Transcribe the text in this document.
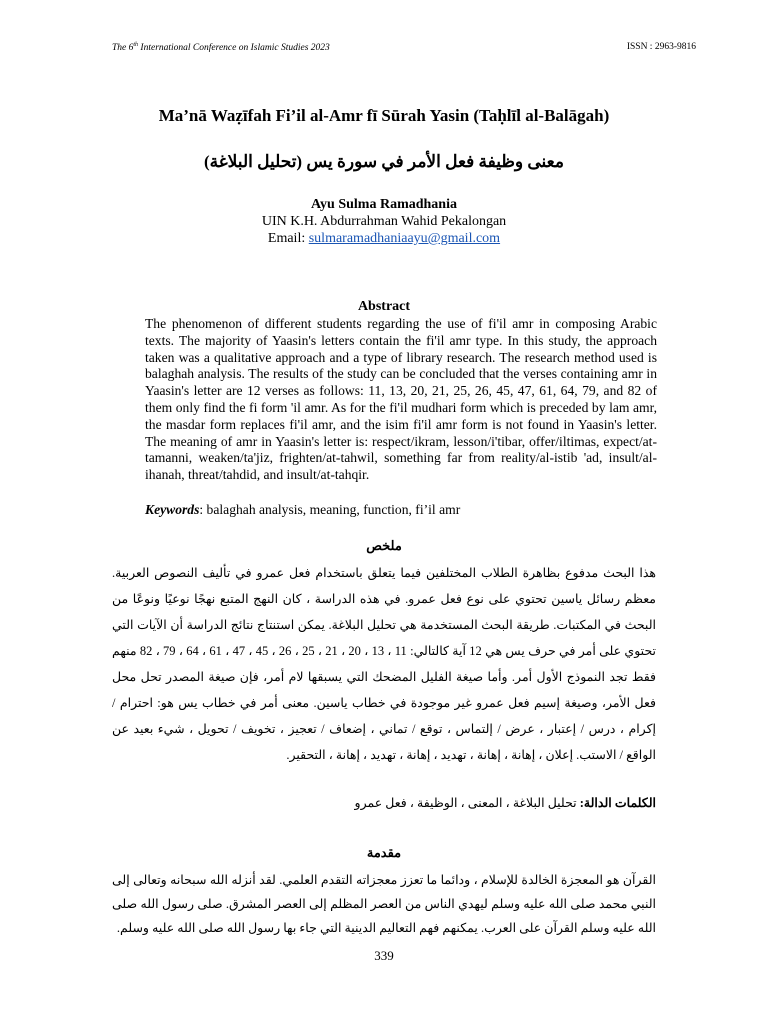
The 6th International Conference on Islamic Studies 2023	ISSN : 2963-9816
Ma’nā Waẓīfah Fi’il al-Amr fī Sūrah Yasin (Taḥlīl al-Balāgah)
معنى وظيفة فعل الأمر في سورة يس (تحليل البلاغة)
Ayu Sulma Ramadhania
UIN K.H. Abdurrahman Wahid Pekalongan
Email: sulmaramadhaniaayu@gmail.com
Abstract
The phenomenon of different students regarding the use of fi'il amr in composing Arabic texts. The majority of Yaasin's letters contain the fi'il amr type. In this study, the approach taken was a qualitative approach and a type of library research. The research method used is balaghah analysis. The results of the study can be concluded that the verses containing amr in Yaasin's letter are 12 verses as follows: 11, 13, 20, 21, 25, 26, 45, 47, 61, 64, 79, and 82 of them only find the fi form 'il amr. As for the fi'il mudhari form which is preceded by lam amr, the masdar form replaces fi'il amr, and the isim fi'il amr form is not found in Yaasin's letter. The meaning of amr in Yaasin's letter is: respect/ikram, lesson/i'tibar, offer/iltimas, expect/at-tamanni, weaken/ta'jiz, frighten/at-tahwil, something far from reality/al-istib 'ad, insult/al-ihanah, threat/tahdid, and insult/at-tahqir.
Keywords: balaghah analysis, meaning, function, fi’il amr
ملخص
هذا البحث مدفوع بظاهرة الطلاب المختلفين فيما يتعلق باستخدام فعل عمرو في تأليف النصوص العربية. معظم رسائل ياسين تحتوي على نوع فعل عمرو. في هذه الدراسة ، كان النهج المتبع نهجًا نوعيًا ونوعًا من البحث في المكتبات. طريقة البحث المستخدمة هي تحليل البلاغة. يمكن استنتاج نتائج الدراسة أن الآيات التي تحتوي على أمر في حرف يس هي 12 آية كالتالي: 11 ، 13 ، 20 ، 21 ، 25 ، 26 ، 45 ، 47 ، 61 ، 64 ، 79 ، 82 منهم فقط تجد النموذج الأول أمر. وأما صيغة الفليل المضحك التي يسبقها لام أمر، فإن صيغة المصدر تحل محل فعل الأمر، وصيغة إسيم فعل عمرو غير موجودة في خطاب ياسين. معنى أمر في خطاب يس هو: احترام / إكرام ، درس / إعتبار ، عرض / إلتماس ، توقع / تماني ، إضعاف / تعجيز ، تخويف / تحويل ، شيء بعيد عن الواقع / الاستب. إعلان ، إهانة ، إهانة ، تهديد ، إهانة ، تهديد ، إهانة ، التحقير.
الكلمات الدالة: تحليل البلاغة ، المعنى ، الوظيفة ، فعل عمرو
مقدمة
القرآن هو المعجزة الخالدة للإسلام ، ودائما ما تعزز معجزاته التقدم العلمي. لقد أنزله الله سبحانه وتعالى إلى النبي محمد صلى الله عليه وسلم ليهدي الناس من العصر المظلم إلى العصر المشرق. صلى رسول الله صلى الله عليه وسلم القرآن على العرب. يمكنهم فهم التعاليم الدينية التي جاء بها رسول الله صلى الله عليه وسلم.
339
